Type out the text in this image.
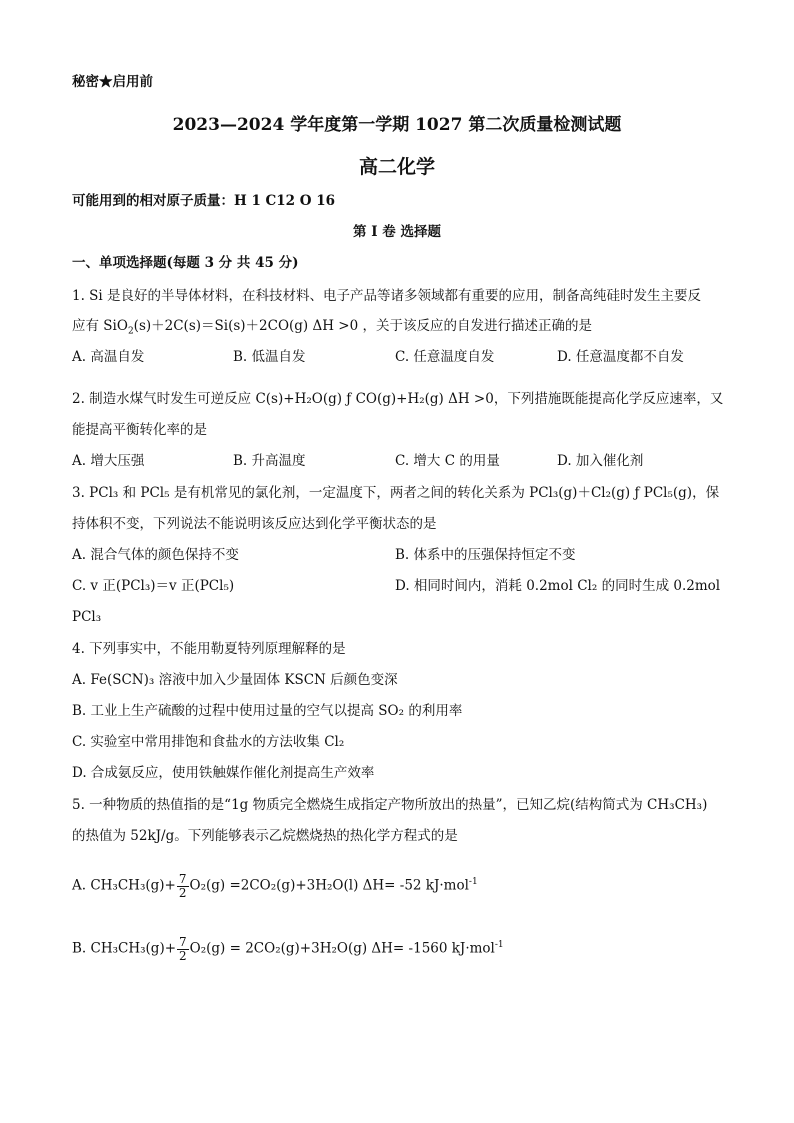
秘密★启用前
2023—2024 学年度第一学期 1027 第二次质量检测试题
高二化学
可能用到的相对原子质量：H 1 C12 O 16
第 I 卷 选择题
一、单项选择题(每题 3 分 共 45 分)
1. Si 是良好的半导体材料，在科技材料、电子产品等诸多领域都有重要的应用，制备高纯硅时发生主要反
应有 SiO$_2$(s)＋2C(s)＝Si(s)＋2CO(g) ΔH >0 ，关于该反应的自发进行描述正确的是
A. 高温自发	B. 低温自发	C. 任意温度自发	D. 任意温度都不自发
2. 制造水煤气时发生可逆反应 C(s)+H₂O(g) ƒ CO(g)+H₂(g) ΔH >0，下列措施既能提高化学反应速率，又
能提高平衡转化率的是
A. 增大压强	B. 升高温度	C. 增大 C 的用量	D. 加入催化剂
3. PCl₃ 和 PCl₅ 是有机常见的氯化剂，一定温度下，两者之间的转化关系为 PCl₃(g)＋Cl₂(g) ƒ PCl₅(g)，保
持体积不变，下列说法不能说明该反应达到化学平衡状态的是
A. 混合气体的颜色保持不变	B. 体系中的压强保持恒定不变
C. v 正(PCl₃)＝v 正(PCl₅)	D. 相同时间内，消耗 0.2mol Cl₂ 的同时生成 0.2mol
PCl₃
4. 下列事实中，不能用勒夏特列原理解释的是
A. Fe(SCN)₃ 溶液中加入少量固体 KSCN 后颜色变深
B. 工业上生产硫酸的过程中使用过量的空气以提高 SO₂ 的利用率
C. 实验室中常用排饱和食盐水的方法收集 Cl₂
D. 合成氨反应，使用铁触媒作催化剂提高生产效率
5. 一种物质的热值指的是“1g 物质完全燃烧生成指定产物所放出的热量”，已知乙烷(结构简式为 CH₃CH₃)
的热值为 52kJ/g。下列能够表示乙烷燃烧热的热化学方程式的是
A. $CH_3CH_3(g)+ \frac{7}{2} O_2(g) =2CO_2(g)+3H_2O(l)$ ΔH= -52 kJ·mol$^{-1}$
B. $CH_3CH_3(g)+ \frac{7}{2} O_2(g) = 2CO_2(g)+3H_2O(g)$ ΔH= -1560 kJ·mol$^{-1}$
